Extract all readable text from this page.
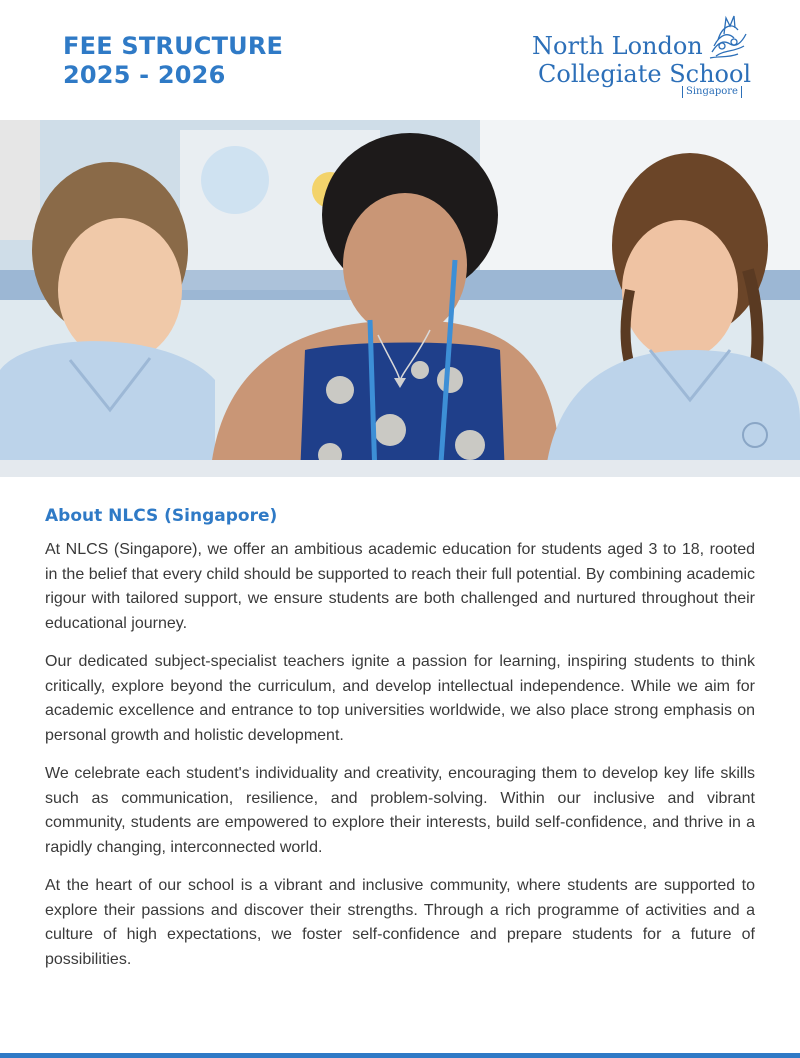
FEE STRUCTURE
2025 - 2026
North London
Collegiate School
Singapore
About NLCS (Singapore)

At NLCS (Singapore), we offer an ambitious academic education for students aged 3 to 18, rooted in the belief that every child should be supported to reach their full potential. By combining academic rigour with tailored support, we ensure students are both challenged and nurtured throughout their educational journey.

Our dedicated subject-specialist teachers ignite a passion for learning, inspiring students to think critically, explore beyond the curriculum, and develop intellectual independence. While we aim for academic excellence and entrance to top universities worldwide, we also place strong emphasis on personal growth and holistic development.

We celebrate each student's individuality and creativity, encouraging them to develop key life skills such as communication, resilience, and problem-solving. Within our inclusive and vibrant community, students are empowered to explore their interests, build self-confidence, and thrive in a rapidly changing, interconnected world.

At the heart of our school is a vibrant and inclusive community, where students are supported to explore their passions and discover their strengths. Through a rich programme of activities and a culture of high expectations, we foster self-confidence and prepare students for a future of possibilities.
